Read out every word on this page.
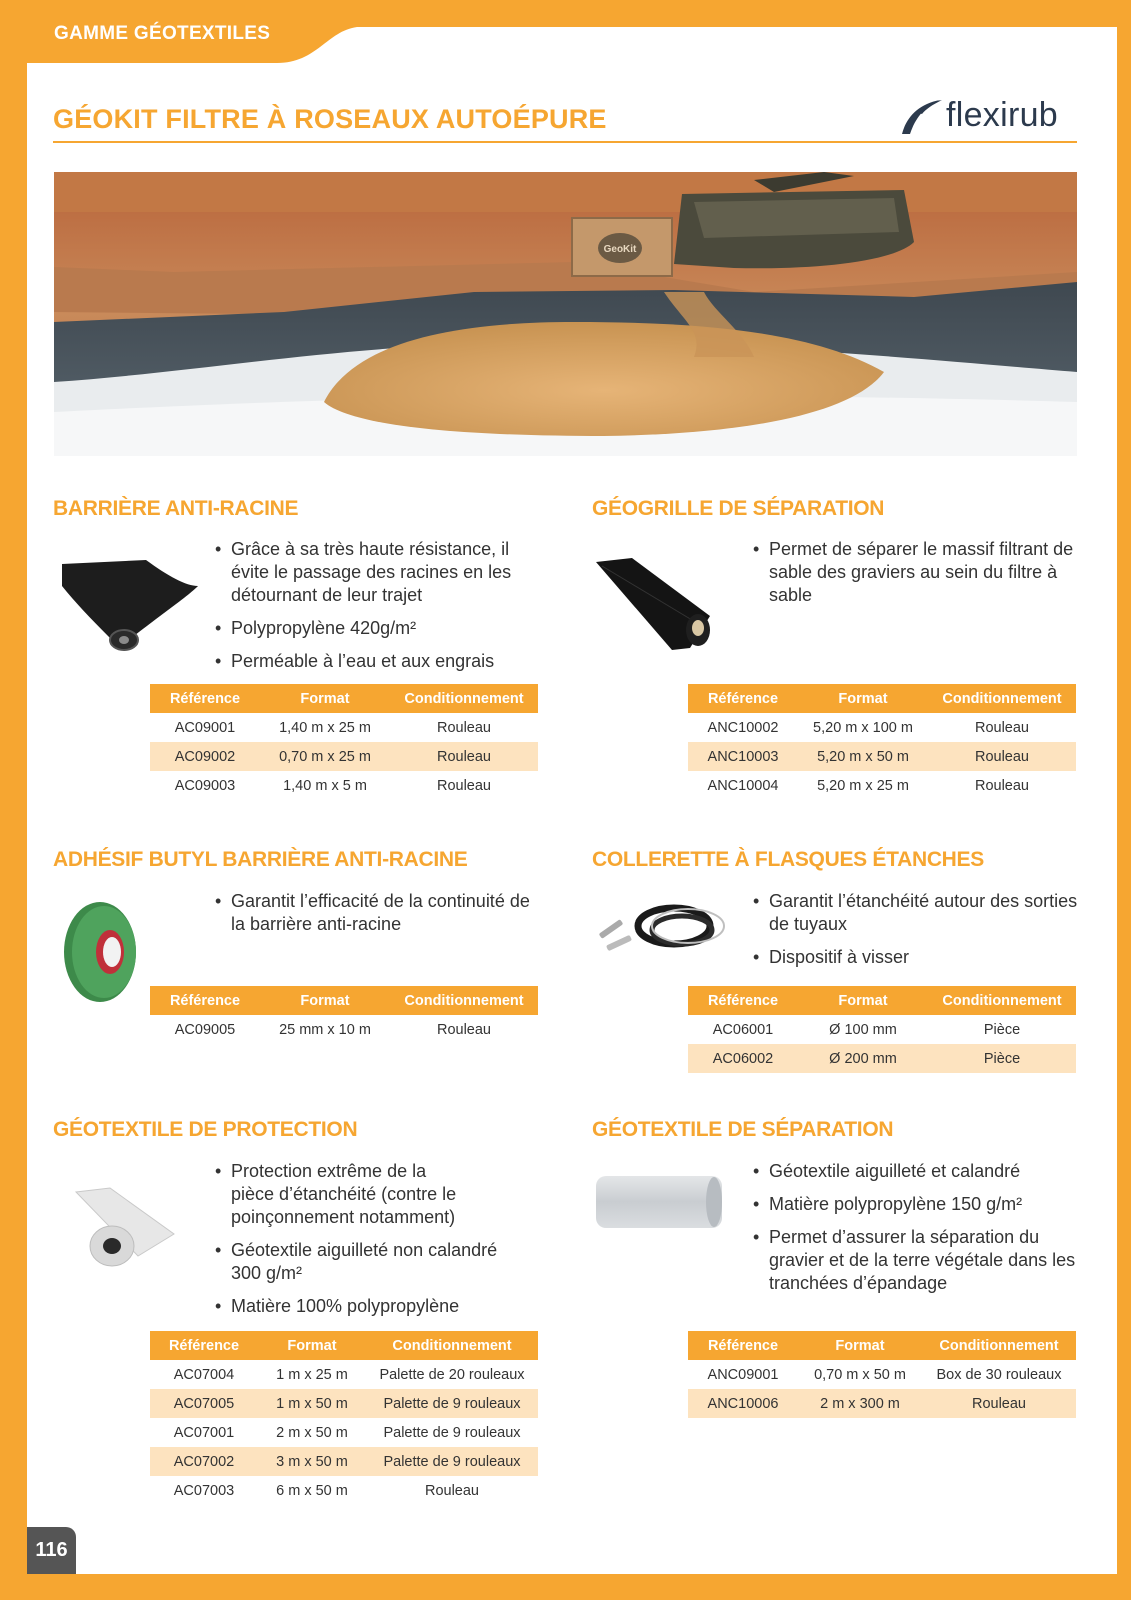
GAMME GÉOTEXTILES
GÉOKIT FILTRE À ROSEAUX AUTOÉPURE	flexirub
GeoKit
BARRIÈRE ANTI-RACINE
• Grâce à sa très haute résistance, il évite le passage des racines en les détournant de leur trajet
• Polypropylène 420g/m²
• Perméable à l’eau et aux engrais
Référence	Format	Conditionnement
AC09001	1,40 m x 25 m	Rouleau
AC09002	0,70 m x 25 m	Rouleau
AC09003	1,40 m x 5 m	Rouleau
GÉOGRILLE DE SÉPARATION
• Permet de séparer le massif filtrant de sable des graviers au sein du filtre à sable
Référence	Format	Conditionnement
ANC10002	5,20 m x 100 m	Rouleau
ANC10003	5,20 m x 50 m	Rouleau
ANC10004	5,20 m x 25 m	Rouleau
ADHÉSIF BUTYL BARRIÈRE ANTI-RACINE
• Garantit l’efficacité de la continuité de la barrière anti-racine
Référence	Format	Conditionnement
AC09005	25 mm x 10 m	Rouleau
COLLERETTE À FLASQUES ÉTANCHES
• Garantit l’étanchéité autour des sorties de tuyaux
• Dispositif à visser
Référence	Format	Conditionnement
AC06001	Ø 100 mm	Pièce
AC06002	Ø 200 mm	Pièce
GÉOTEXTILE DE PROTECTION
• Protection extrême de la pièce d’étanchéité (contre le poinçonnement notamment)
• Géotextile aiguilleté non calandré 300 g/m²
• Matière 100% polypropylène
Référence	Format	Conditionnement
AC07004	1 m x 25 m	Palette de 20 rouleaux
AC07005	1 m x 50 m	Palette de 9 rouleaux
AC07001	2 m x 50 m	Palette de 9 rouleaux
AC07002	3 m x 50 m	Palette de 9 rouleaux
AC07003	6 m x 50 m	Rouleau
GÉOTEXTILE DE SÉPARATION
• Géotextile aiguilleté et calandré
• Matière polypropylène 150 g/m²
• Permet d’assurer la séparation du gravier et de la terre végétale dans les tranchées d’épandage
Référence	Format	Conditionnement
ANC09001	0,70 m x 50 m	Box de 30 rouleaux
ANC10006	2 m x 300 m	Rouleau
116
